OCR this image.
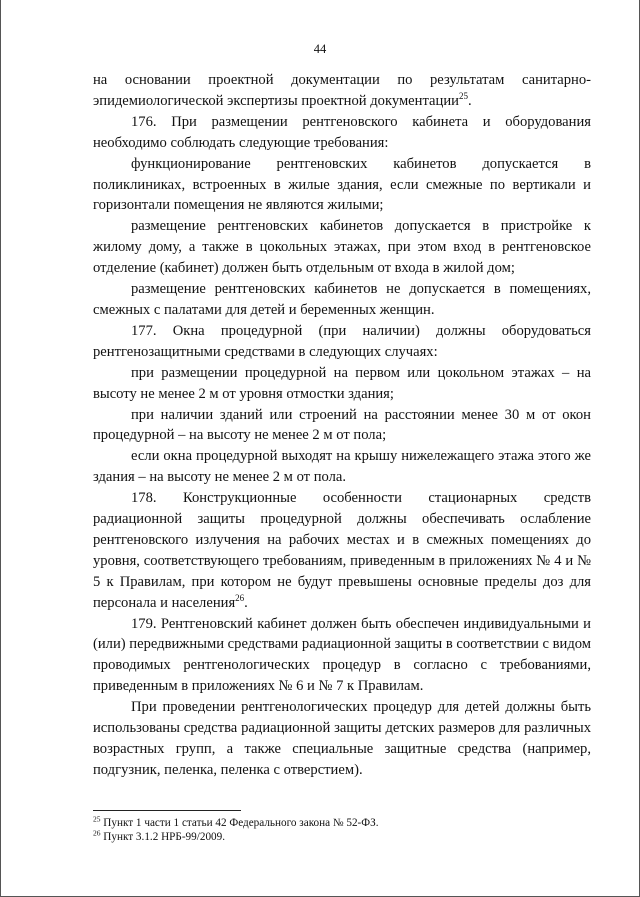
44

на основании проектной документации по результатам санитарно-эпидемиологической экспертизы проектной документации$^{25}$.

176. При размещении рентгеновского кабинета и оборудования необходимо соблюдать следующие требования:

функционирование рентгеновских кабинетов допускается в поликлиниках, встроенных в жилые здания, если смежные по вертикали и горизонтали помещения не являются жилыми;

размещение рентгеновских кабинетов допускается в пристройке к жилому дому, а также в цокольных этажах, при этом вход в рентгеновское отделение (кабинет) должен быть отдельным от входа в жилой дом;

размещение рентгеновских кабинетов не допускается в помещениях, смежных с палатами для детей и беременных женщин.

177. Окна процедурной (при наличии) должны оборудоваться рентгенозащитными средствами в следующих случаях:

при размещении процедурной на первом или цокольном этажах – на высоту не менее 2 м от уровня отмостки здания;

при наличии зданий или строений на расстоянии менее 30 м от окон процедурной – на высоту не менее 2 м от пола;

если окна процедурной выходят на крышу нижележащего этажа этого же здания – на высоту не менее 2 м от пола.

178. Конструкционные особенности стационарных средств радиационной защиты процедурной должны обеспечивать ослабление рентгеновского излучения на рабочих местах и в смежных помещениях до уровня, соответствующего требованиям, приведенным в приложениях № 4 и № 5 к Правилам, при котором не будут превышены основные пределы доз для персонала и населения$^{26}$.

179. Рентгеновский кабинет должен быть обеспечен индивидуальными и (или) передвижными средствами радиационной защиты в соответствии с видом проводимых рентгенологических процедур в согласно с требованиями, приведенным в приложениях № 6 и № 7 к Правилам.

При проведении рентгенологических процедур для детей должны быть использованы средства радиационной защиты детских размеров для различных возрастных групп, а также специальные защитные средства (например, подгузник, пеленка, пеленка с отверстием).

$^{25}$ Пункт 1 части 1 статьи 42 Федерального закона № 52-ФЗ.
$^{26}$ Пункт 3.1.2 НРБ-99/2009.
